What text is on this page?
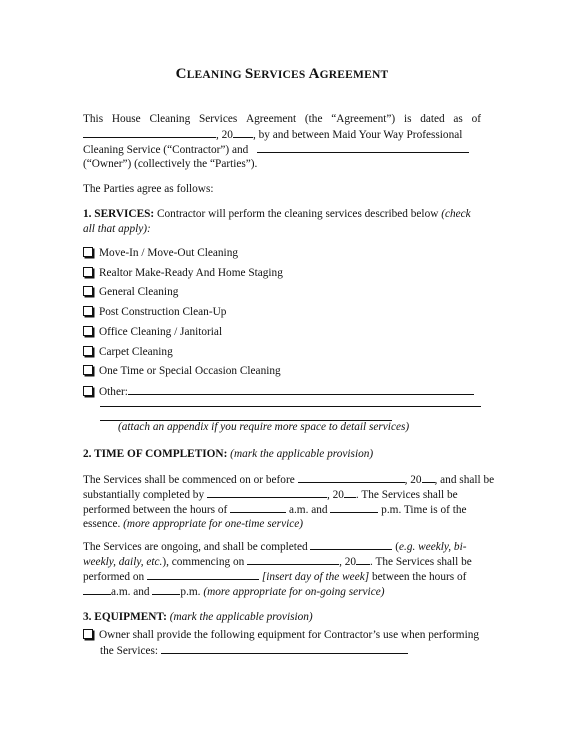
CLEANING SERVICES AGREEMENT
This House Cleaning Services Agreement (the “Agreement”) is dated as of
, 20 , by and between Maid Your Way Professional
Cleaning Service (“Contractor”) and
(“Owner”) (collectively the “Parties”).
The Parties agree as follows:
1. SERVICES: Contractor will perform the cleaning services described below (check
all that apply):
Move-In / Move-Out Cleaning
Realtor Make-Ready And Home Staging
General Cleaning
Post Construction Clean-Up
Office Cleaning / Janitorial
Carpet Cleaning
One Time or Special Occasion Cleaning
Other:
(attach an appendix if you require more space to detail services)
2. TIME OF COMPLETION: (mark the applicable provision)
The Services shall be commenced on or before	, 20 , and shall be
substantially completed by	, 20 . The Services shall be
performed between the hours of	a.m. and	p.m. Time is of the
essence. (more appropriate for one-time service)
The Services are ongoing, and shall be completed	(e.g. weekly, bi-
weekly, daily, etc.), commencing on	, 20 . The Services shall be
performed on	[insert day of the week] between the hours of
a.m. and p.m. (more appropriate for on-going service)
3. EQUIPMENT: (mark the applicable provision)
Owner shall provide the following equipment for Contractor’s use when performing
the Services:
